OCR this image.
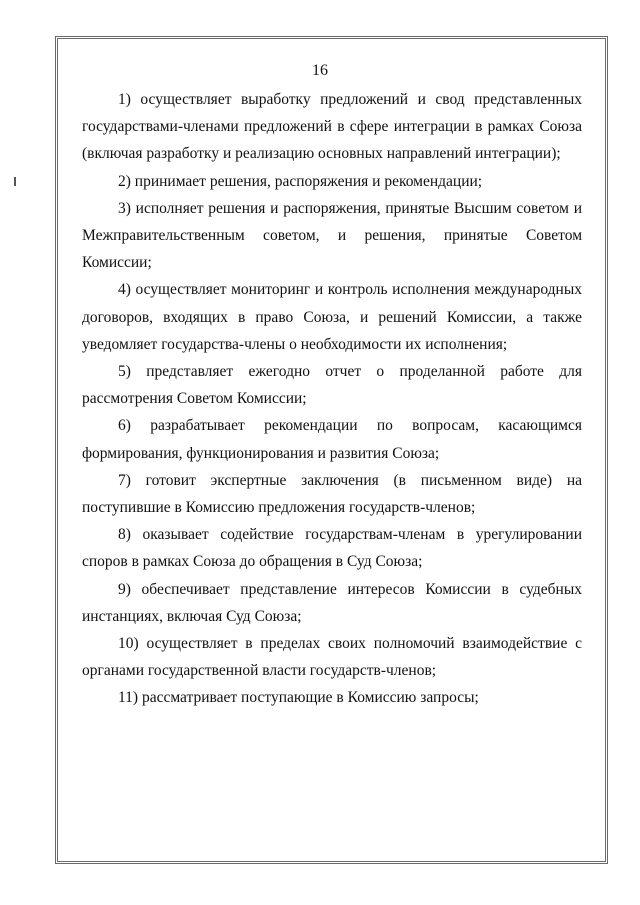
16

1) осуществляет выработку предложений и свод представленных государствами-членами предложений в сфере интеграции в рамках Союза (включая разработку и реализацию основных направлений интеграции);

2) принимает решения, распоряжения и рекомендации;

3) исполняет решения и распоряжения, принятые Высшим советом и Межправительственным советом, и решения, принятые Советом Комиссии;

4) осуществляет мониторинг и контроль исполнения международных договоров, входящих в право Союза, и решений Комиссии, а также уведомляет государства-члены о необходимости их исполнения;

5) представляет ежегодно отчет о проделанной работе для рассмотрения Советом Комиссии;

6) разрабатывает рекомендации по вопросам, касающимся формирования, функционирования и развития Союза;

7) готовит экспертные заключения (в письменном виде) на поступившие в Комиссию предложения государств-членов;

8) оказывает содействие государствам-членам в урегулировании споров в рамках Союза до обращения в Суд Союза;

9) обеспечивает представление интересов Комиссии в судебных инстанциях, включая Суд Союза;

10) осуществляет в пределах своих полномочий взаимодействие с органами государственной власти государств-членов;

11) рассматривает поступающие в Комиссию запросы;
